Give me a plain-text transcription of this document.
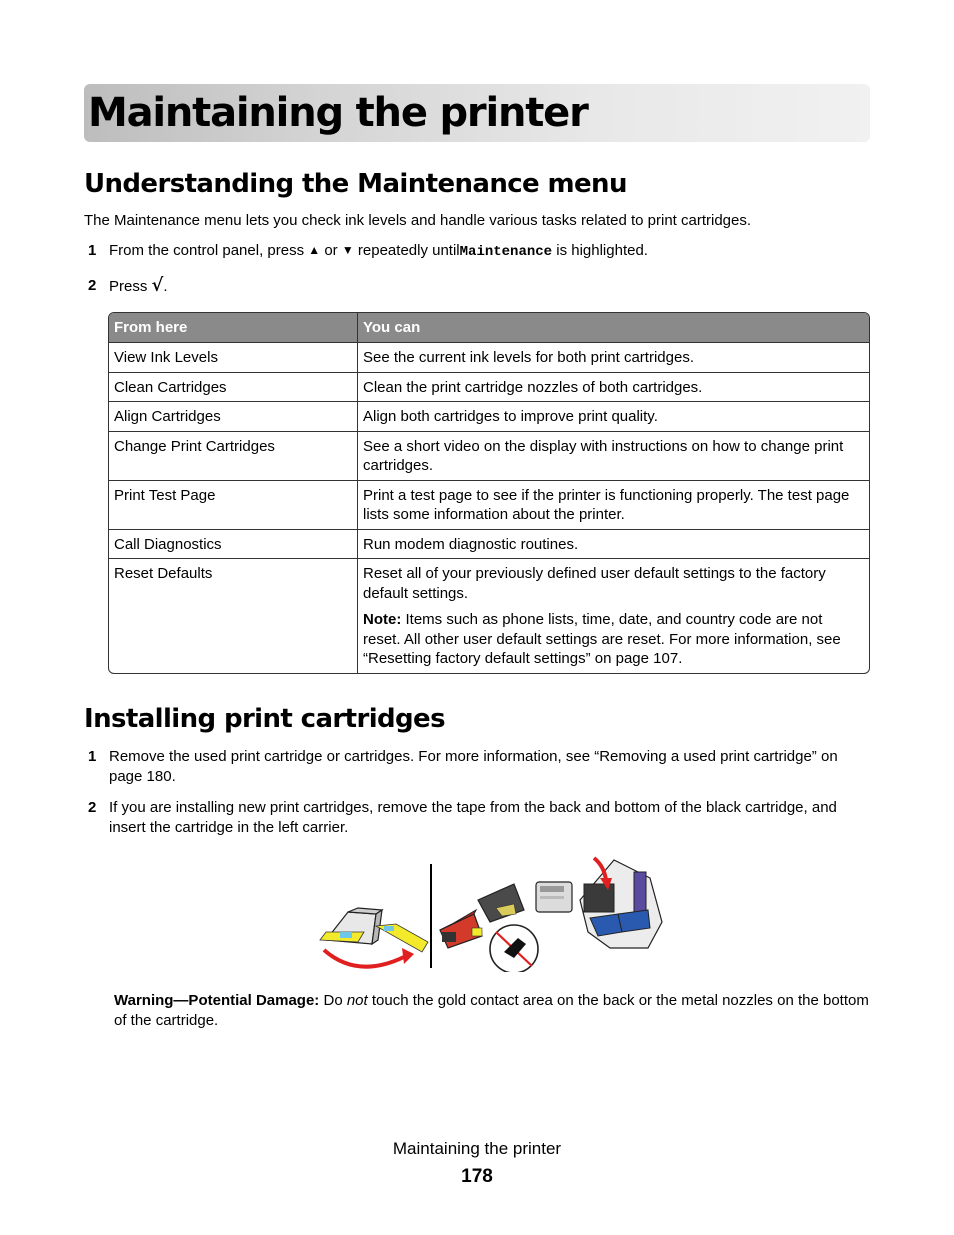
Maintaining the printer
Understanding the Maintenance menu

The Maintenance menu lets you check ink levels and handle various tasks related to print cartridges.

1 From the control panel, press ▲ or ▼ repeatedly untilMaintenance is highlighted.
2 Press √.
From here	You can
View Ink Levels	See the current ink levels for both print cartridges.
Clean Cartridges	Clean the print cartridge nozzles of both cartridges.
Align Cartridges	Align both cartridges to improve print quality.
Change Print Cartridges	See a short video on the display with instructions on how to change print cartridges.
Print Test Page	Print a test page to see if the printer is functioning properly. The test page lists some information about the printer.
Call Diagnostics	Run modem diagnostic routines.
Reset Defaults	Reset all of your previously defined user default settings to the factory default settings.

Note: Items such as phone lists, time, date, and country code are not reset. All other user default settings are reset. For more information, see “Resetting factory default settings” on page 107.

Installing print cartridges
1 Remove the used print cartridge or cartridges. For more information, see “Removing a used print cartridge” on page 180.
2 If you are installing new print cartridges, remove the tape from the back and bottom of the black cartridge, and insert the cartridge in the left carrier.
Warning—Potential Damage: Do not touch the gold contact area on the back or the metal nozzles on the bottom of the cartridge.
Maintaining the printer
178
